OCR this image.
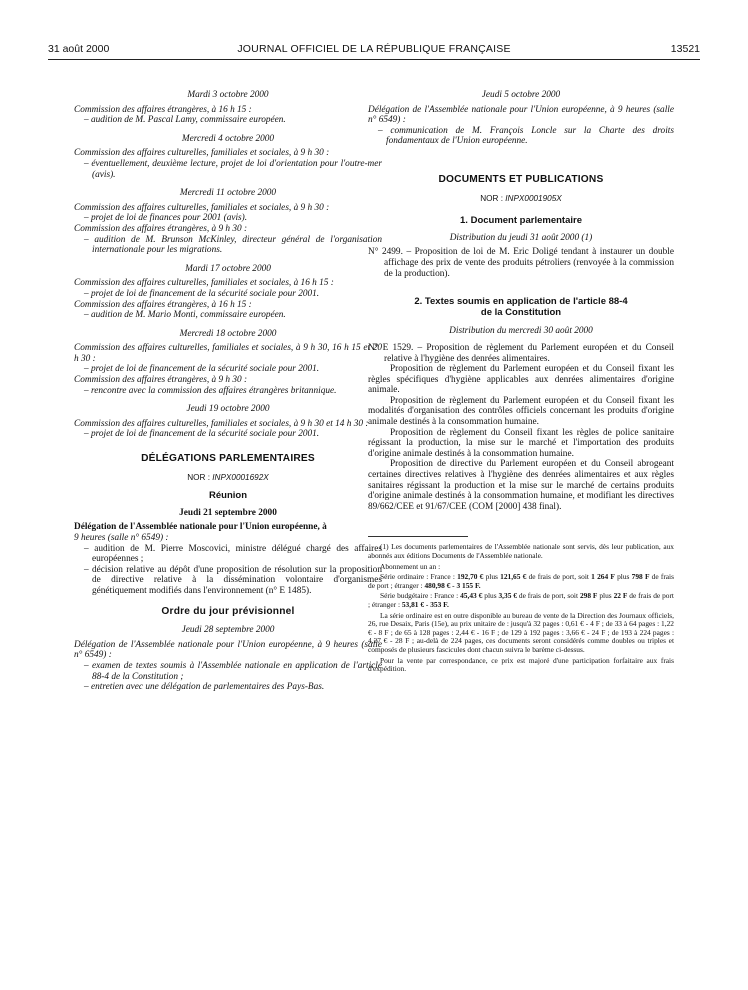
31 août 2000	JOURNAL OFFICIEL DE LA RÉPUBLIQUE FRANÇAISE	13521
Mardi 3 octobre 2000
Commission des affaires étrangères, à 16 h 15 :
– audition de M. Pascal Lamy, commissaire européen.
Mercredi 4 octobre 2000
Commission des affaires culturelles, familiales et sociales, à 9 h 30 :
– éventuellement, deuxième lecture, projet de loi d'orientation pour l'outre-mer (avis).
Mercredi 11 octobre 2000
Commission des affaires culturelles, familiales et sociales, à 9 h 30 :
– projet de loi de finances pour 2001 (avis).
Commission des affaires étrangères, à 9 h 30 :
– audition de M. Brunson McKinley, directeur général de l'organisation internationale pour les migrations.
Mardi 17 octobre 2000
Commission des affaires culturelles, familiales et sociales, à 16 h 15 :
– projet de loi de financement de la sécurité sociale pour 2001.
Commission des affaires étrangères, à 16 h 15 :
– audition de M. Mario Monti, commissaire européen.
Mercredi 18 octobre 2000
Commission des affaires culturelles, familiales et sociales, à 9 h 30, 16 h 15 et 20 h 30 :
– projet de loi de financement de la sécurité sociale pour 2001.
Commission des affaires étrangères, à 9 h 30 :
– rencontre avec la commission des affaires étrangères britannique.
Jeudi 19 octobre 2000
Commission des affaires culturelles, familiales et sociales, à 9 h 30 et 14 h 30 :
– projet de loi de financement de la sécurité sociale pour 2001.
DÉLÉGATIONS PARLEMENTAIRES
NOR : INPX0001692X
Réunion
Jeudi 21 septembre 2000
Délégation de l'Assemblée nationale pour l'Union européenne, à
9 heures (salle n° 6549) :
– audition de M. Pierre Moscovici, ministre délégué chargé des affaires européennes ;
– décision relative au dépôt d'une proposition de résolution sur la proposition de directive relative à la dissémination volontaire d'organismes génétiquement modifiés dans l'environnement (n° E 1485).
Ordre du jour prévisionnel
Jeudi 28 septembre 2000
Délégation de l'Assemblée nationale pour l'Union européenne, à 9 heures (salle n° 6549) :
– examen de textes soumis à l'Assemblée nationale en application de l'article 88-4 de la Constitution ;
– entretien avec une délégation de parlementaires des Pays-Bas.
Jeudi 5 octobre 2000
Délégation de l'Assemblée nationale pour l'Union européenne, à 9 heures (salle n° 6549) :
– communication de M. François Loncle sur la Charte des droits fondamentaux de l'Union européenne.
DOCUMENTS ET PUBLICATIONS
NOR : INPX0001905X
1. Document parlementaire
Distribution du jeudi 31 août 2000 (1)
N° 2499. – Proposition de loi de M. Eric Doligé tendant à instaurer un double affichage des prix de vente des produits pétroliers (renvoyée à la commission de la production).
2. Textes soumis en application de l'article 88-4
de la Constitution
Distribution du mercredi 30 août 2000
N° E 1529. – Proposition de règlement du Parlement européen et du Conseil relative à l'hygiène des denrées alimentaires.
Proposition de règlement du Parlement européen et du Conseil fixant les règles spécifiques d'hygiène applicables aux denrées alimentaires d'origine animale.
Proposition de règlement du Parlement européen et du Conseil fixant les modalités d'organisation des contrôles officiels concernant les produits d'origine animale destinés à la consommation humaine.
Proposition de règlement du Conseil fixant les règles de police sanitaire régissant la production, la mise sur le marché et l'importation des produits d'origine animale destinés à la consommation humaine.
Proposition de directive du Parlement européen et du Conseil abrogeant certaines directives relatives à l'hygiène des denrées alimentaires et aux règles sanitaires régissant la production et la mise sur le marché de certains produits d'origine animale destinés à la consommation humaine, et modifiant les directives 89/662/CEE et 91/67/CEE (COM [2000] 438 final).
(1) Les documents parlementaires de l'Assemblée nationale sont servis, dès leur publication, aux abonnés aux éditions Documents de l'Assemblée nationale.
Abonnement un an :
Série ordinaire : France : 192,70 € plus 121,65 € de frais de port, soit 1 264 F plus 798 F de frais de port ; étranger : 480,98 € - 3 155 F.
Série budgétaire : France : 45,43 € plus 3,35 € de frais de port, soit 298 F plus 22 F de frais de port ; étranger : 53,81 € - 353 F.
La série ordinaire est en outre disponible au bureau de vente de la Direction des Journaux officiels, 26, rue Desaix, Paris (15e), au prix unitaire de : jusqu'à 32 pages : 0,61 € - 4 F ; de 33 à 64 pages : 1,22 € - 8 F ; de 65 à 128 pages : 2,44 € - 16 F ; de 129 à 192 pages : 3,66 € - 24 F ; de 193 à 224 pages : 4,27 € - 28 F ; au-delà de 224 pages, ces documents seront considérés comme doubles ou triples et composés de plusieurs fascicules dont chacun suivra le barème ci-dessus.
Pour la vente par correspondance, ce prix est majoré d'une participation forfaitaire aux frais d'expédition.
